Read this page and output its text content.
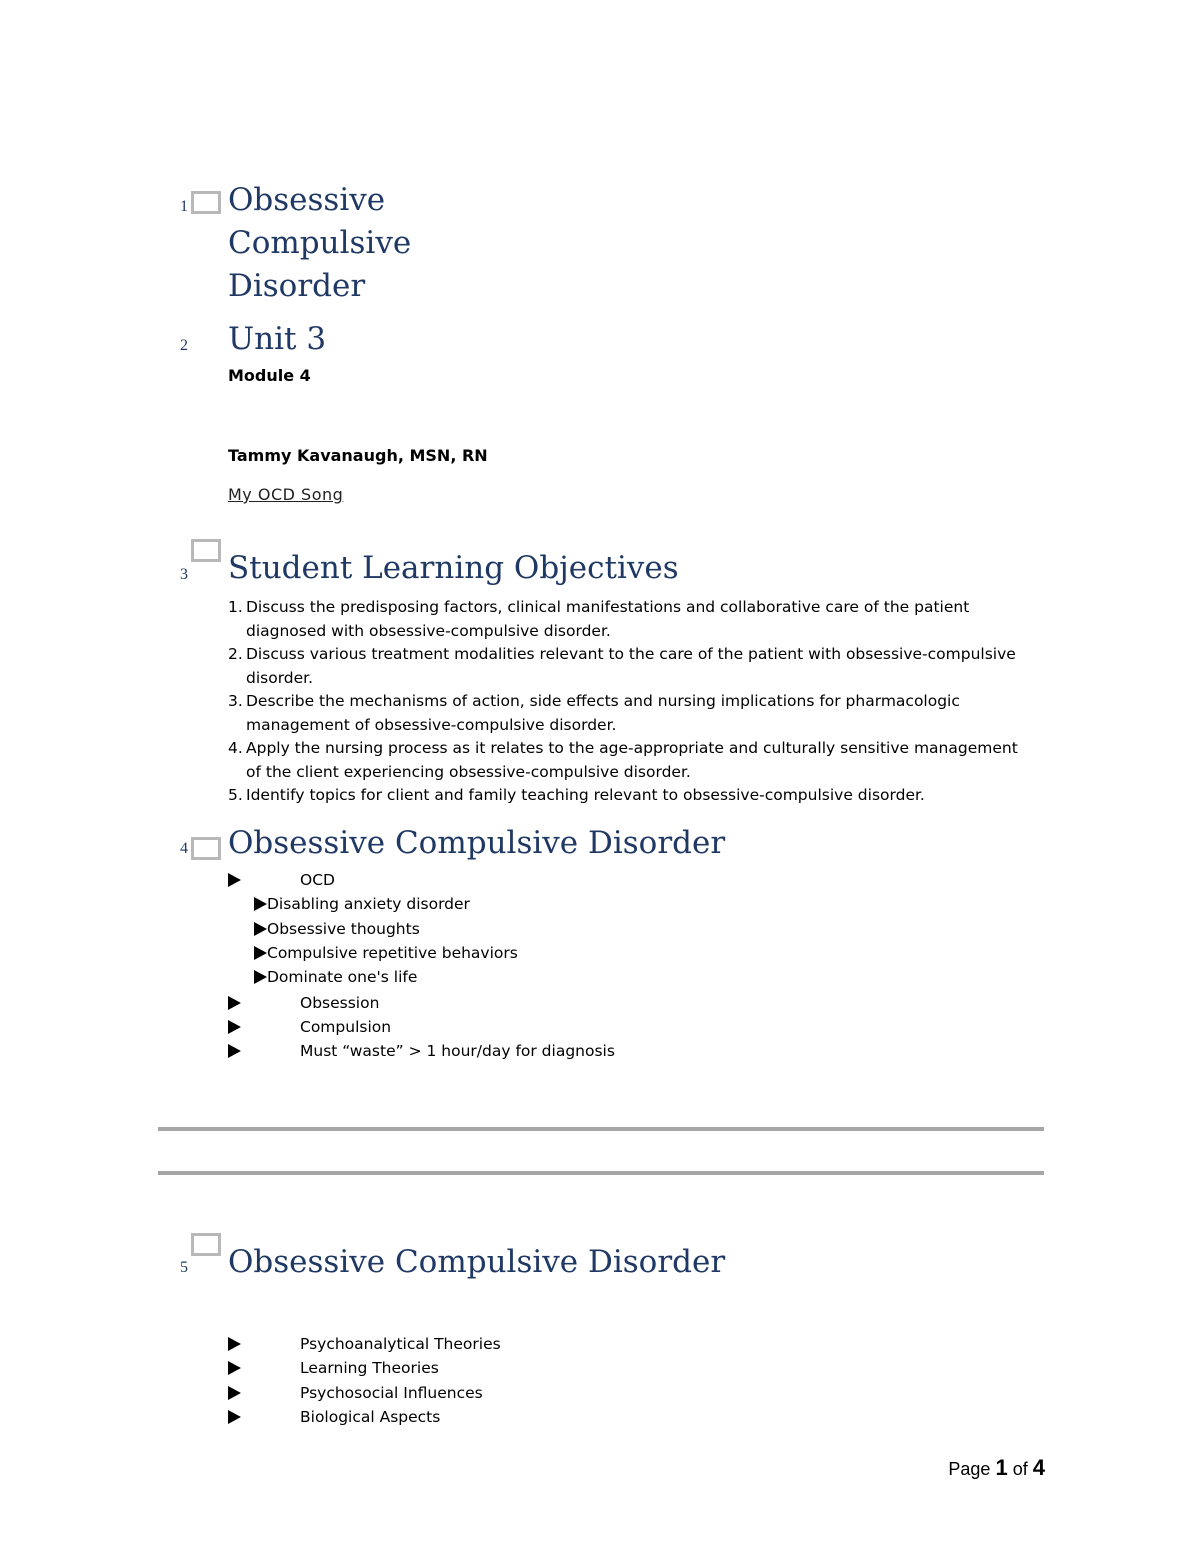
1 Obsessive
Compulsive
Disorder
2 Unit 3
Module 4
Tammy Kavanaugh, MSN, RN
My OCD Song
3 Student Learning Objectives
1. Discuss the predisposing factors, clinical manifestations and collaborative care of the patient diagnosed with obsessive-compulsive disorder.
2. Discuss various treatment modalities relevant to the care of the patient with obsessive-compulsive disorder.
3. Describe the mechanisms of action, side effects and nursing implications for pharmacologic management of obsessive-compulsive disorder.
4. Apply the nursing process as it relates to the age-appropriate and culturally sensitive management of the client experiencing obsessive-compulsive disorder.
5. Identify topics for client and family teaching relevant to obsessive-compulsive disorder.
4 Obsessive Compulsive Disorder
OCD
Disabling anxiety disorder
Obsessive thoughts
Compulsive repetitive behaviors
Dominate one's life
Obsession
Compulsion
Must “waste” > 1 hour/day for diagnosis
5 Obsessive Compulsive Disorder
Psychoanalytical Theories
Learning Theories
Psychosocial Influences
Biological Aspects
Page 1 of 4
